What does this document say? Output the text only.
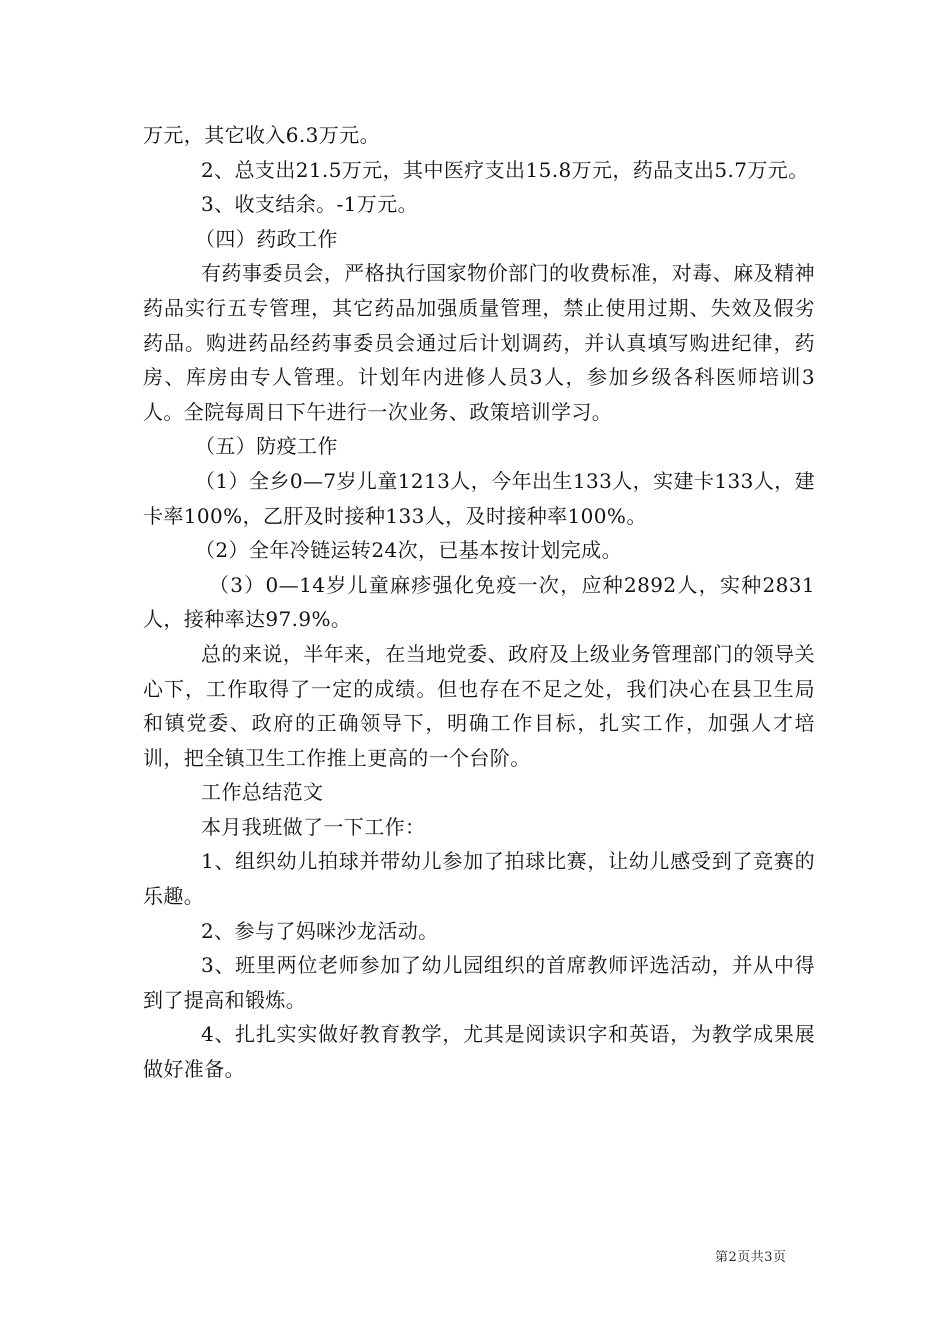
万元，其它收入6.3万元。

2、总支出21.5万元，其中医疗支出15.8万元，药品支出5.7万元。

3、收支结余。-1万元。

（四）药政工作

有药事委员会，严格执行国家物价部门的收费标准，对毒、麻及精神药品实行五专管理，其它药品加强质量管理，禁止使用过期、失效及假劣药品。购进药品经药事委员会通过后计划调药，并认真填写购进纪律，药房、库房由专人管理。计划年内进修人员3人，参加乡级各科医师培训3人。全院每周日下午进行一次业务、政策培训学习。

（五）防疫工作

（1）全乡0—7岁儿童1213人，今年出生133人，实建卡133人，建卡率100%，乙肝及时接种133人，及时接种率100%。

（2）全年冷链运转24次，已基本按计划完成。

（3）0—14岁儿童麻疹强化免疫一次，应种2892人，实种2831人，接种率达97.9%。

总的来说，半年来，在当地党委、政府及上级业务管理部门的领导关心下，工作取得了一定的成绩。但也存在不足之处，我们决心在县卫生局和镇党委、政府的正确领导下，明确工作目标，扎实工作，加强人才培训，把全镇卫生工作推上更高的一个台阶。

工作总结范文

本月我班做了一下工作：

1、组织幼儿拍球并带幼儿参加了拍球比赛，让幼儿感受到了竞赛的乐趣。

2、参与了妈咪沙龙活动。

3、班里两位老师参加了幼儿园组织的首席教师评选活动，并从中得到了提高和锻炼。

4、扎扎实实做好教育教学，尤其是阅读识字和英语，为教学成果展做好准备。

第2页共3页
